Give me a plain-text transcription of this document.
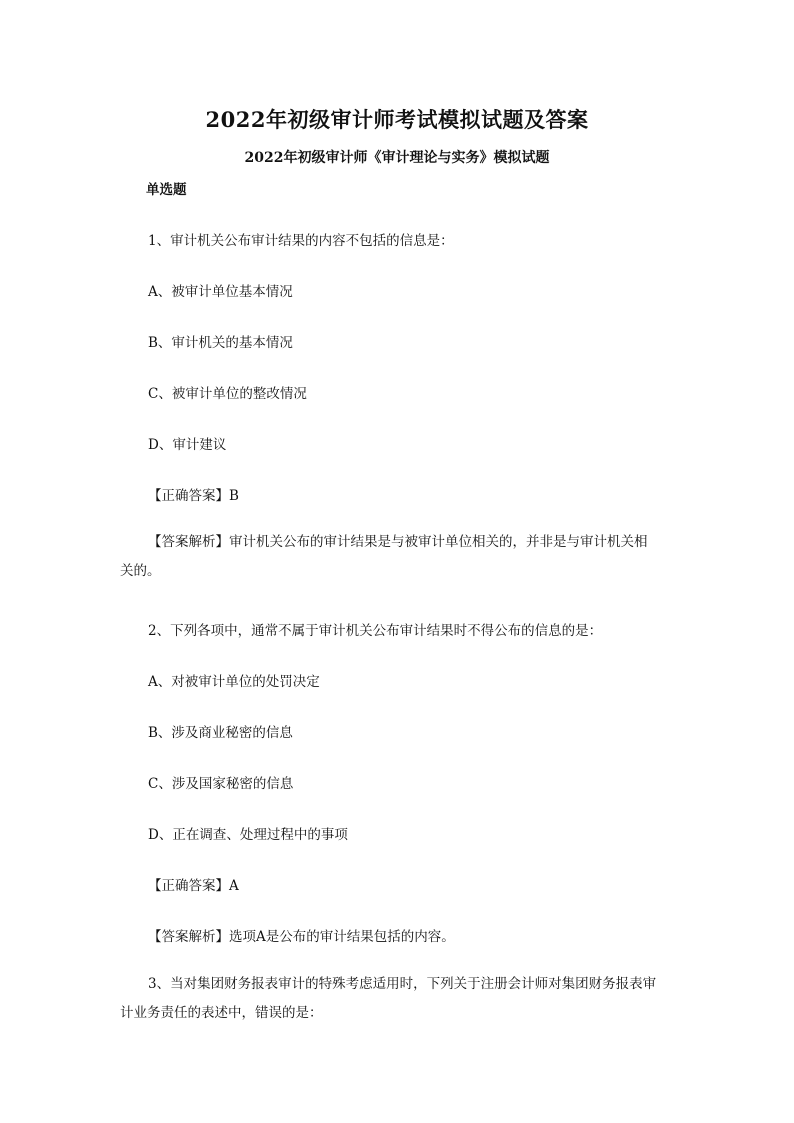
2022年初级审计师考试模拟试题及答案
2022年初级审计师《审计理论与实务》模拟试题
单选题
1、审计机关公布审计结果的内容不包括的信息是：
A、被审计单位基本情况
B、审计机关的基本情况
C、被审计单位的整改情况
D、审计建议
【正确答案】B
【答案解析】审计机关公布的审计结果是与被审计单位相关的，并非是与审计机关相
关的。
2、下列各项中，通常不属于审计机关公布审计结果时不得公布的信息的是：
A、对被审计单位的处罚决定
B、涉及商业秘密的信息
C、涉及国家秘密的信息
D、正在调查、处理过程中的事项
【正确答案】A
【答案解析】选项A是公布的审计结果包括的内容。
3、当对集团财务报表审计的特殊考虑适用时，下列关于注册会计师对集团财务报表审
计业务责任的表述中，错误的是：
